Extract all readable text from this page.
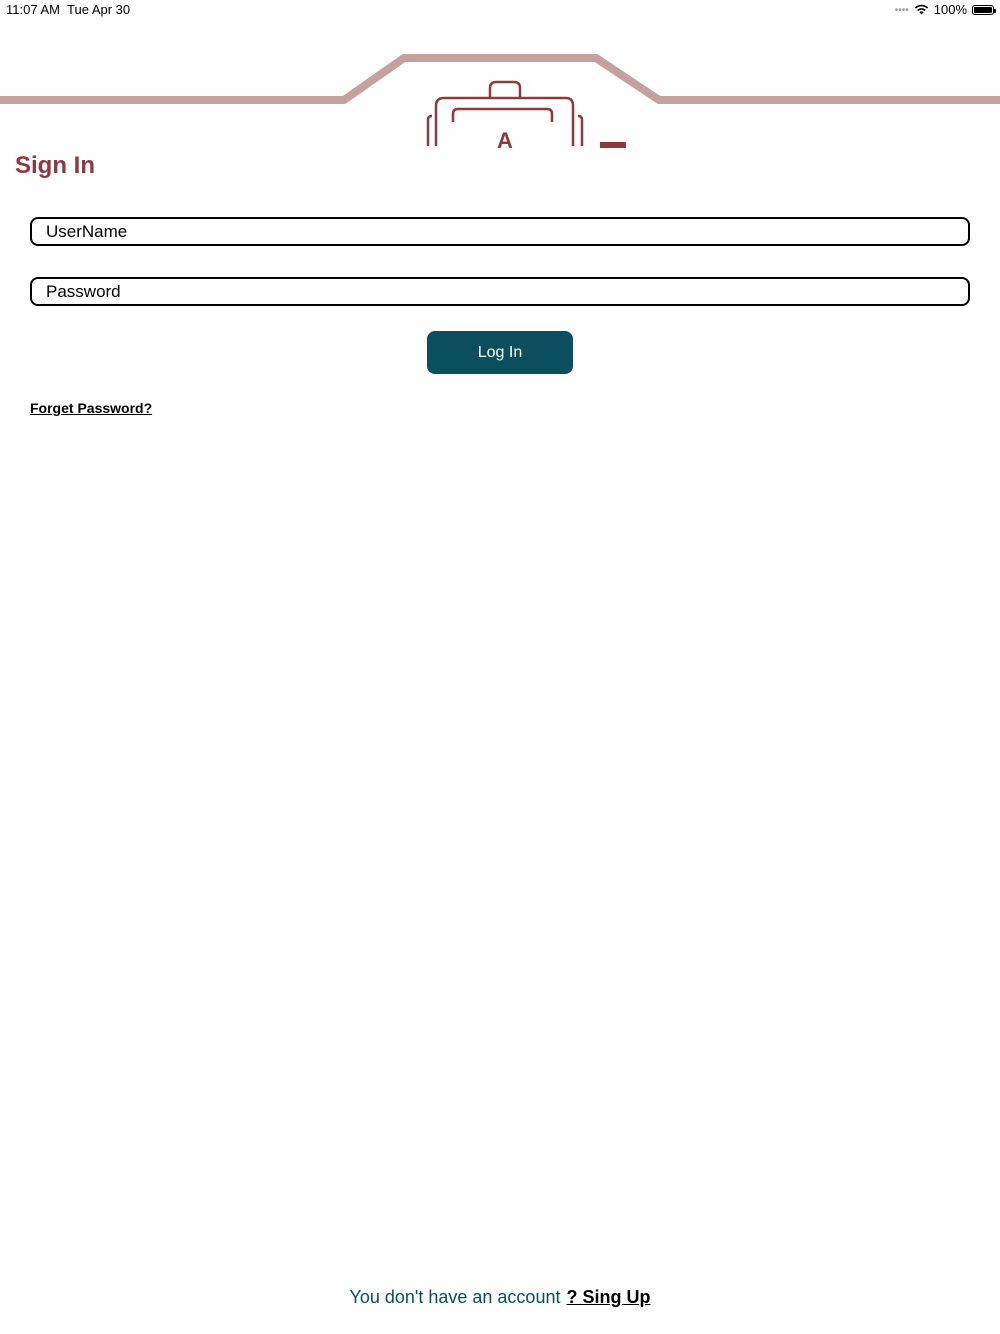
11:07 AM Tue Apr 30	•••• 100%
A
Sign In
UserName
Log In
Forget Password?
You don't have an account ? Sing Up
